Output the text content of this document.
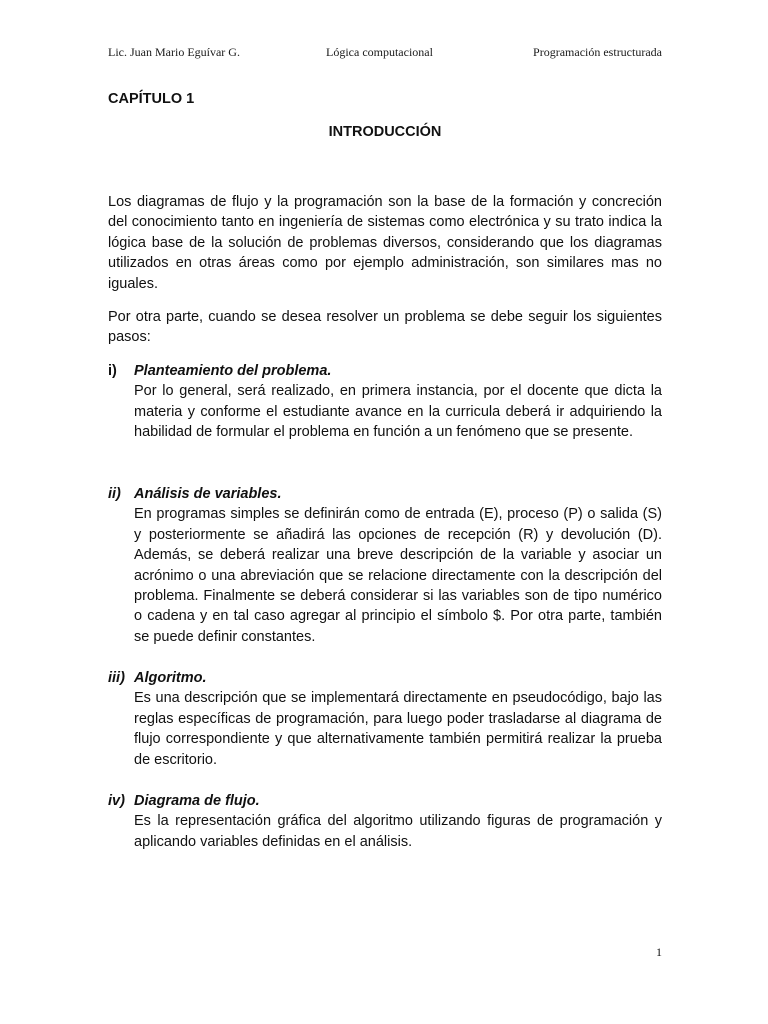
Lic. Juan Mario Eguívar G.	Lógica computacional	Programación estructurada
CAPÍTULO 1
INTRODUCCIÓN

Los diagramas de flujo y la programación son la base de la formación y concreción del conocimiento tanto en ingeniería de sistemas como electrónica y su trato indica la lógica base de la solución de problemas diversos, considerando que los diagramas utilizados en otras áreas como por ejemplo administración, son similares mas no iguales.

Por otra parte, cuando se desea resolver un problema se debe seguir los siguientes pasos:

i) Planteamiento del problema.

Por lo general, será realizado, en primera instancia, por el docente que dicta la materia y conforme el estudiante avance en la curricula deberá ir adquiriendo la habilidad de formular el problema en función a un fenómeno que se presente.

ii) Análisis de variables.

En programas simples se definirán como de entrada (E), proceso (P) o salida (S) y posteriormente se añadirá las opciones de recepción (R) y devolución (D). Además, se deberá realizar una breve descripción de la variable y asociar un acrónimo o una abreviación que se relacione directamente con la descripción del problema. Finalmente se deberá considerar si las variables son de tipo numérico o cadena y en tal caso agregar al principio el símbolo $. Por otra parte, también se puede definir constantes.

iii) Algoritmo.

Es una descripción que se implementará directamente en pseudocódigo, bajo las reglas específicas de programación, para luego poder trasladarse al diagrama de flujo correspondiente y que alternativamente también permitirá realizar la prueba de escritorio.

iv) Diagrama de flujo.

Es la representación gráfica del algoritmo utilizando figuras de programación y aplicando variables definidas en el análisis.

1
